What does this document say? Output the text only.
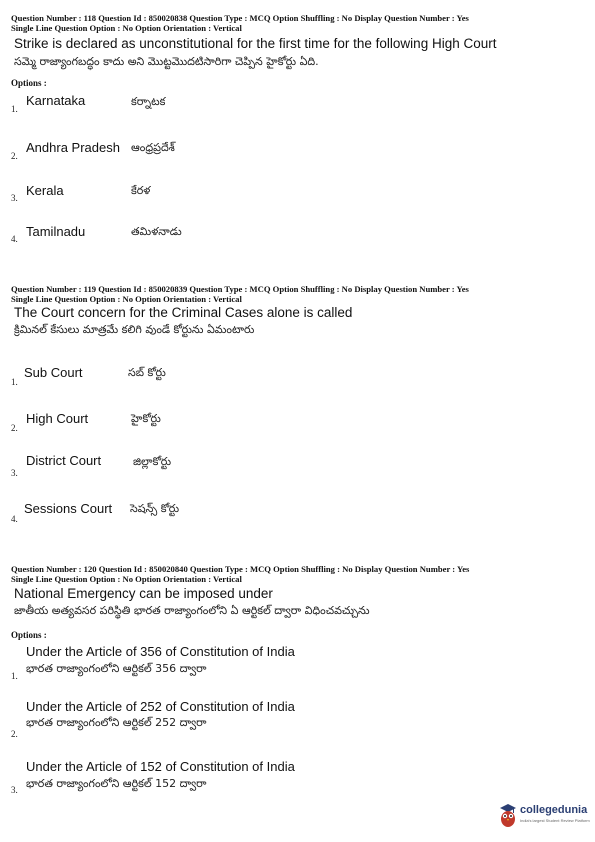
Question Number : 118 Question Id : 850020838 Question Type : MCQ Option Shuffling : No Display Question Number : Yes
Single Line Question Option : No Option Orientation : Vertical
Strike is declared as unconstitutional for the first time for the following High Court
సమ్మె రాజ్యాంగబద్ధం కాదు అని మొట్టమొదటిసారిగా చెప్పిన హైకోర్టు ఏది.
Options :
1.
Karnataka	కర్నాటక
2.
Andhra Pradesh ఆంధ్రప్రదేశ్
3. Kerala	కేరళ
4. Tamilnadu	తమిళనాడు
Question Number : 119 Question Id : 850020839 Question Type : MCQ Option Shuffling : No Display Question Number : Yes
Single Line Question Option : No Option Orientation : Vertical
The Court concern for the Criminal Cases alone is called
క్రిమినల్ కేసులు మాత్రమే కలిగి వుండే కోర్టును ఏమంటారు
1.
Sub Court	సబ్ కోర్టు
2.
High Court	హైకోర్టు
3.
District Court	జిల్లాకోర్టు
4.
Sessions Court సెషన్స్ కోర్టు
Question Number : 120 Question Id : 850020840 Question Type : MCQ Option Shuffling : No Display Question Number : Yes
Single Line Question Option : No Option Orientation : Vertical
National Emergency can be imposed under
జాతీయ అత్యవసర పరిస్థితి భారత రాజ్యాంగంలోని ఏ ఆర్టికల్ ద్వారా విధించవచ్చును
Options :
1.
Under the Article of 356 of Constitution of India
భారత రాజ్యాంగంలోని ఆర్టికల్ 356 ద్వారా
2.
Under the Article of 252 of Constitution of India
భారత రాజ్యాంగంలోని ఆర్టికల్ 252 ద్వారా
3.
Under the Article of 152 of Constitution of India
భారత రాజ్యాంగంలోని ఆర్టికల్ 152 ద్వారా
collegedunia
India's largest Student Review Platform
